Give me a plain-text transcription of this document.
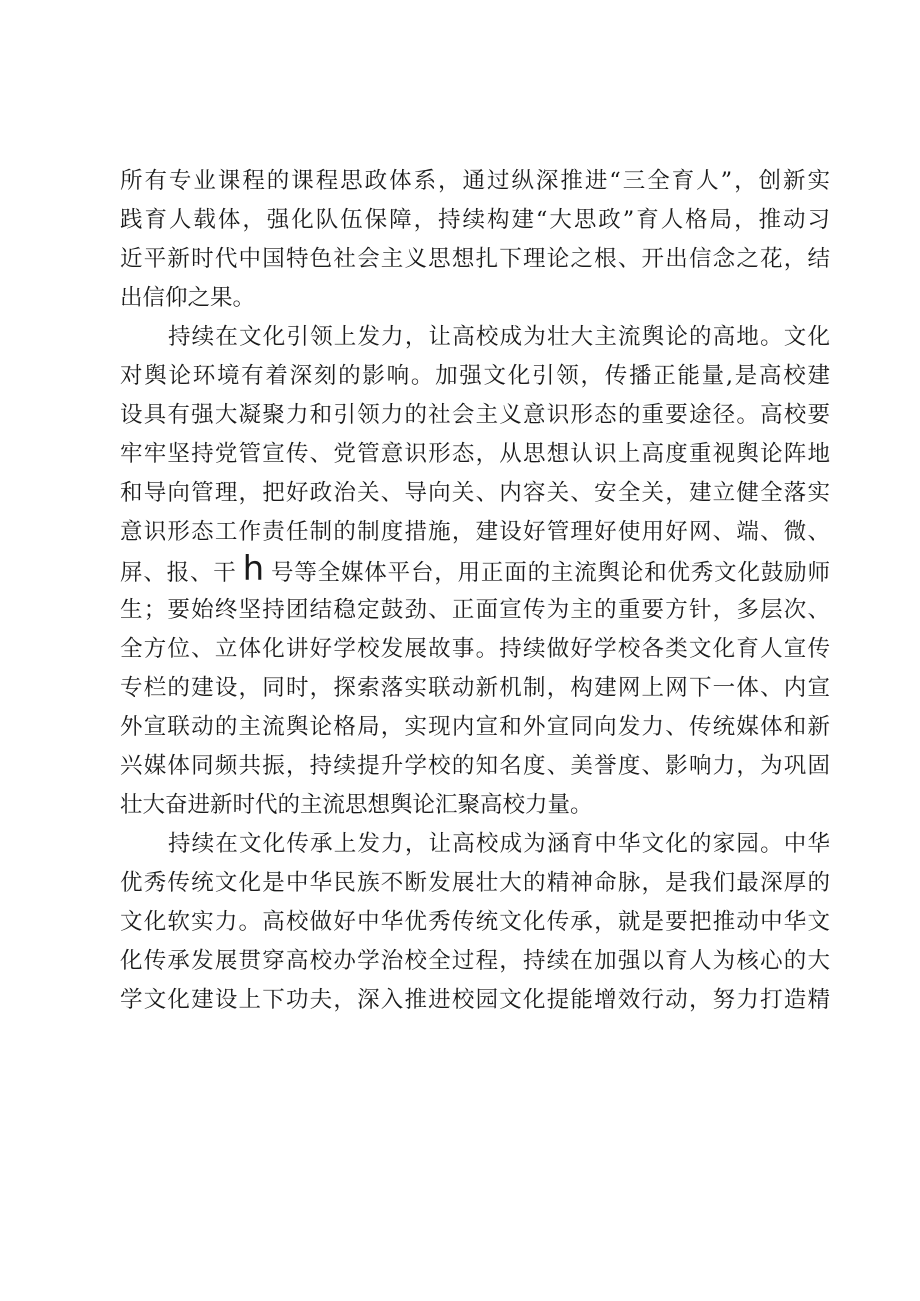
所有专业课程的课程思政体系，通过纵深推进“三全育人”，创新实
践育人载体，强化队伍保障，持续构建“大思政”育人格局，推动习
近平新时代中国特色社会主义思想扎下理论之根、开出信念之花，结
出信仰之果。
持续在文化引领上发力，让高校成为壮大主流舆论的高地。文化
对舆论环境有着深刻的影响。加强文化引领，传播正能量,是高校建
设具有强大凝聚力和引领力的社会主义意识形态的重要途径。高校要
牢牢坚持党管宣传、党管意识形态，从思想认识上高度重视舆论阵地
和导向管理，把好政治关、导向关、内容关、安全关，建立健全落实
意识形态工作责任制的制度措施，建设好管理好使用好网、端、微、
屏、报、干 h 号等全媒体平台，用正面的主流舆论和优秀文化鼓励师
生；要始终坚持团结稳定鼓劲、正面宣传为主的重要方针，多层次、
全方位、立体化讲好学校发展故事。持续做好学校各类文化育人宣传
专栏的建设，同时，探索落实联动新机制，构建网上网下一体、内宣
外宣联动的主流舆论格局，实现内宣和外宣同向发力、传统媒体和新
兴媒体同频共振，持续提升学校的知名度、美誉度、影响力，为巩固
壮大奋进新时代的主流思想舆论汇聚高校力量。
持续在文化传承上发力，让高校成为涵育中华文化的家园。中华
优秀传统文化是中华民族不断发展壮大的精神命脉，是我们最深厚的
文化软实力。高校做好中华优秀传统文化传承，就是要把推动中华文
化传承发展贯穿高校办学治校全过程，持续在加强以育人为核心的大
学文化建设上下功夫，深入推进校园文化提能增效行动，努力打造精
